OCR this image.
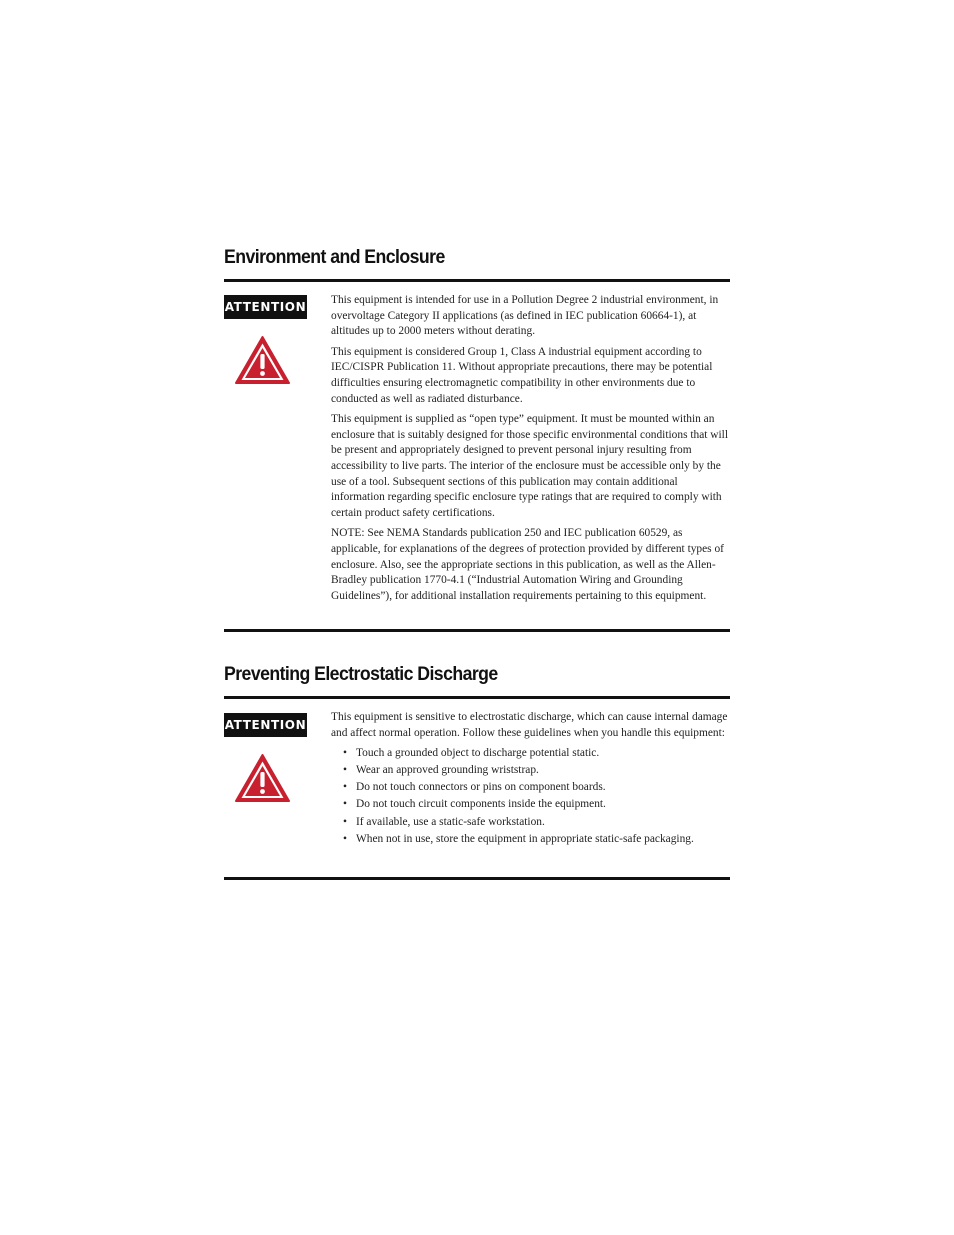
Environment and Enclosure
ATTENTION This equipment is intended for use in a Pollution Degree 2 industrial environment, in overvoltage Category II applications (as defined in IEC publication 60664-1), at altitudes up to 2000 meters without derating.

This equipment is considered Group 1, Class A industrial equipment according to IEC/CISPR Publication 11. Without appropriate precautions, there may be potential difficulties ensuring electromagnetic compatibility in other environments due to conducted as well as radiated disturbance.

This equipment is supplied as “open type” equipment. It must be mounted within an enclosure that is suitably designed for those specific environmental conditions that will be present and appropriately designed to prevent personal injury resulting from accessibility to live parts. The interior of the enclosure must be accessible only by the use of a tool. Subsequent sections of this publication may contain additional information regarding specific enclosure type ratings that are required to comply with certain product safety certifications.

NOTE: See NEMA Standards publication 250 and IEC publication 60529, as applicable, for explanations of the degrees of protection provided by different types of enclosure. Also, see the appropriate sections in this publication, as well as the Allen-Bradley publication 1770-4.1 (“Industrial Automation Wiring and Grounding Guidelines”), for additional installation requirements pertaining to this equipment.

Preventing Electrostatic Discharge
ATTENTION

This equipment is sensitive to electrostatic discharge, which can cause internal damage and affect normal operation. Follow these guidelines when you handle this equipment:

• Touch a grounded object to discharge potential static.
• Wear an approved grounding wriststrap.
• Do not touch connectors or pins on component boards.
• Do not touch circuit components inside the equipment.
• If available, use a static-safe workstation.
• When not in use, store the equipment in appropriate static-safe packaging.
